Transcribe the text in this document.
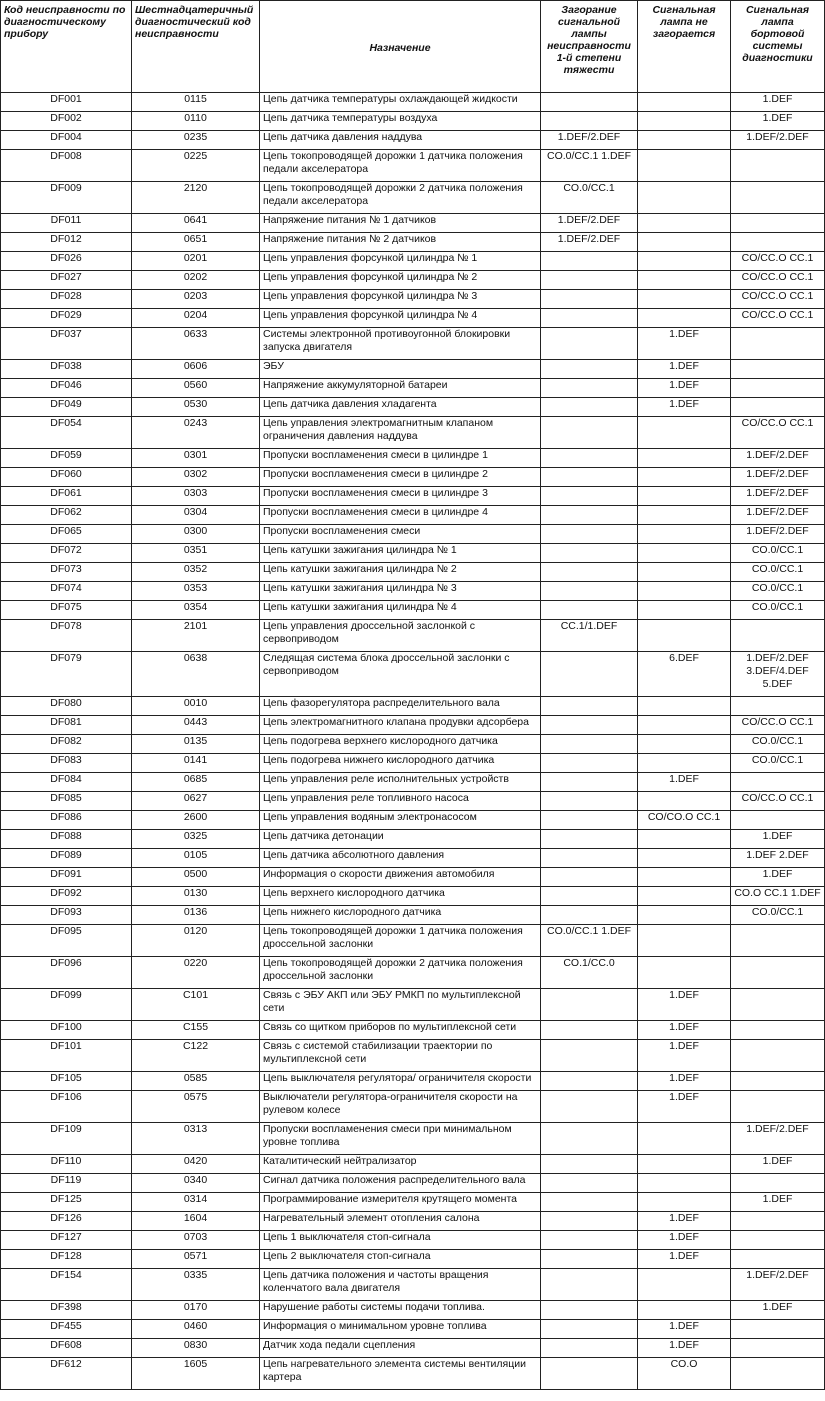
Код неисправности по диагностическому прибору	Шестнадцатеричный диагностический код неисправности	Назначение	Загорание сигнальной лампы неисправности 1-й степени тяжести	Сигнальная лампа не загорается	Сигнальная лампа бортовой системы диагностики
DF001	0115	Цепь датчика температуры охлаждающей жидкости			1.DEF
DF002	0110	Цепь датчика температуры воздуха			1.DEF
DF004	0235	Цепь датчика давления наддува	1.DEF/2.DEF		1.DEF/2.DEF
DF008	0225	Цепь токопроводящей дорожки 1 датчика положения педали акселератора	CO.0/CC.1 1.DEF		
DF009	2120	Цепь токопроводящей дорожки 2 датчика положения педали акселератора	CO.0/CC.1		
DF011	0641	Напряжение питания № 1 датчиков	1.DEF/2.DEF		
DF012	0651	Напряжение питания № 2 датчиков	1.DEF/2.DEF		
DF026	0201	Цепь управления форсункой цилиндра № 1			CO/CC.O CC.1
DF027	0202	Цепь управления форсункой цилиндра № 2			CO/CC.O CC.1
DF028	0203	Цепь управления форсункой цилиндра № 3			CO/CC.O CC.1
DF029	0204	Цепь управления форсункой цилиндра № 4			CO/CC.O CC.1
DF037	0633	Системы электронной противоугонной блокировки запуска двигателя		1.DEF	
DF038	0606	ЭБУ		1.DEF	
DF046	0560	Напряжение аккумуляторной батареи		1.DEF	
DF049	0530	Цепь датчика давления хладагента		1.DEF	
DF054	0243	Цепь управления электромагнитным клапаном ограничения давления наддува			CO/CC.O CC.1
DF059	0301	Пропуски воспламенения смеси в цилиндре 1			1.DEF/2.DEF
DF060	0302	Пропуски воспламенения смеси в цилиндре 2			1.DEF/2.DEF
DF061	0303	Пропуски воспламенения смеси в цилиндре 3			1.DEF/2.DEF
DF062	0304	Пропуски воспламенения смеси в цилиндре 4			1.DEF/2.DEF
DF065	0300	Пропуски воспламенения смеси			1.DEF/2.DEF
DF072	0351	Цепь катушки зажигания цилиндра № 1			CO.0/CC.1
DF073	0352	Цепь катушки зажигания цилиндра № 2			CO.0/CC.1
DF074	0353	Цепь катушки зажигания цилиндра № 3			CO.0/CC.1
DF075	0354	Цепь катушки зажигания цилиндра № 4			CO.0/CC.1
DF078	2101	Цепь управления дроссельной заслонкой с сервоприводом	CC.1/1.DEF		
DF079	0638	Следящая система блока дроссельной заслонки с сервоприводом		6.DEF	1.DEF/2.DEF
3.DEF/4.DEF
5.DEF
DF080	0010	Цепь фазорегулятора распределительного вала			
DF081	0443	Цепь электромагнитного клапана продувки адсорбера			CO/CC.O CC.1
DF082	0135	Цепь подогрева верхнего кислородного датчика			CO.0/CC.1
DF083	0141	Цепь подогрева нижнего кислородного датчика			CO.0/CC.1
DF084	0685	Цепь управления реле исполнительных устройств		1.DEF	
DF085	0627	Цепь управления реле топливного насоса			CO/CC.O CC.1
DF086	2600	Цепь управления водяным электронасосом		CO/CO.O CC.1	
DF088	0325	Цепь датчика детонации			1.DEF
DF089	0105	Цепь датчика абсолютного давления			1.DEF 2.DEF
DF091	0500	Информация о скорости движения автомобиля			1.DEF
DF092	0130	Цепь верхнего кислородного датчика			CO.O CC.1 1.DEF
DF093	0136	Цепь нижнего кислородного датчика			CO.0/CC.1
DF095	0120	Цепь токопроводящей дорожки 1 датчика положения дроссельной заслонки	CO.0/CC.1 1.DEF		
DF096	0220	Цепь токопроводящей дорожки 2 датчика положения дроссельной заслонки	CO.1/CC.0		
DF099	C101	Связь с ЭБУ АКП или ЭБУ РМКП по мультиплексной сети		1.DEF	
DF100	C155	Связь со щитком приборов по мультиплексной сети		1.DEF	
DF101	C122	Связь с системой стабилизации траектории по мультиплексной сети		1.DEF	
DF105	0585	Цепь выключателя регулятора/ ограничителя скорости		1.DEF	
DF106	0575	Выключатели регулятора-ограничителя скорости на рулевом колесе		1.DEF	
DF109	0313	Пропуски воспламенения смеси при минимальном уровне топлива			1.DEF/2.DEF
DF110	0420	Каталитический нейтрализатор			1.DEF
DF119	0340	Сигнал датчика положения распределительного вала			
DF125	0314	Программирование измерителя крутящего момента			1.DEF
DF126	1604	Нагревательный элемент отопления салона		1.DEF	
DF127	0703	Цепь 1 выключателя стоп-сигнала		1.DEF	
DF128	0571	Цепь 2 выключателя стоп-сигнала		1.DEF	
DF154	0335	Цепь датчика положения и частоты вращения коленчатого вала двигателя			1.DEF/2.DEF
DF398	0170	Нарушение работы системы подачи топлива.			1.DEF
DF455	0460	Информация о минимальном уровне топлива		1.DEF	
DF608	0830	Датчик хода педали сцепления		1.DEF	
DF612	1605	Цепь нагревательного элемента системы вентиляции картера		CO.O	
